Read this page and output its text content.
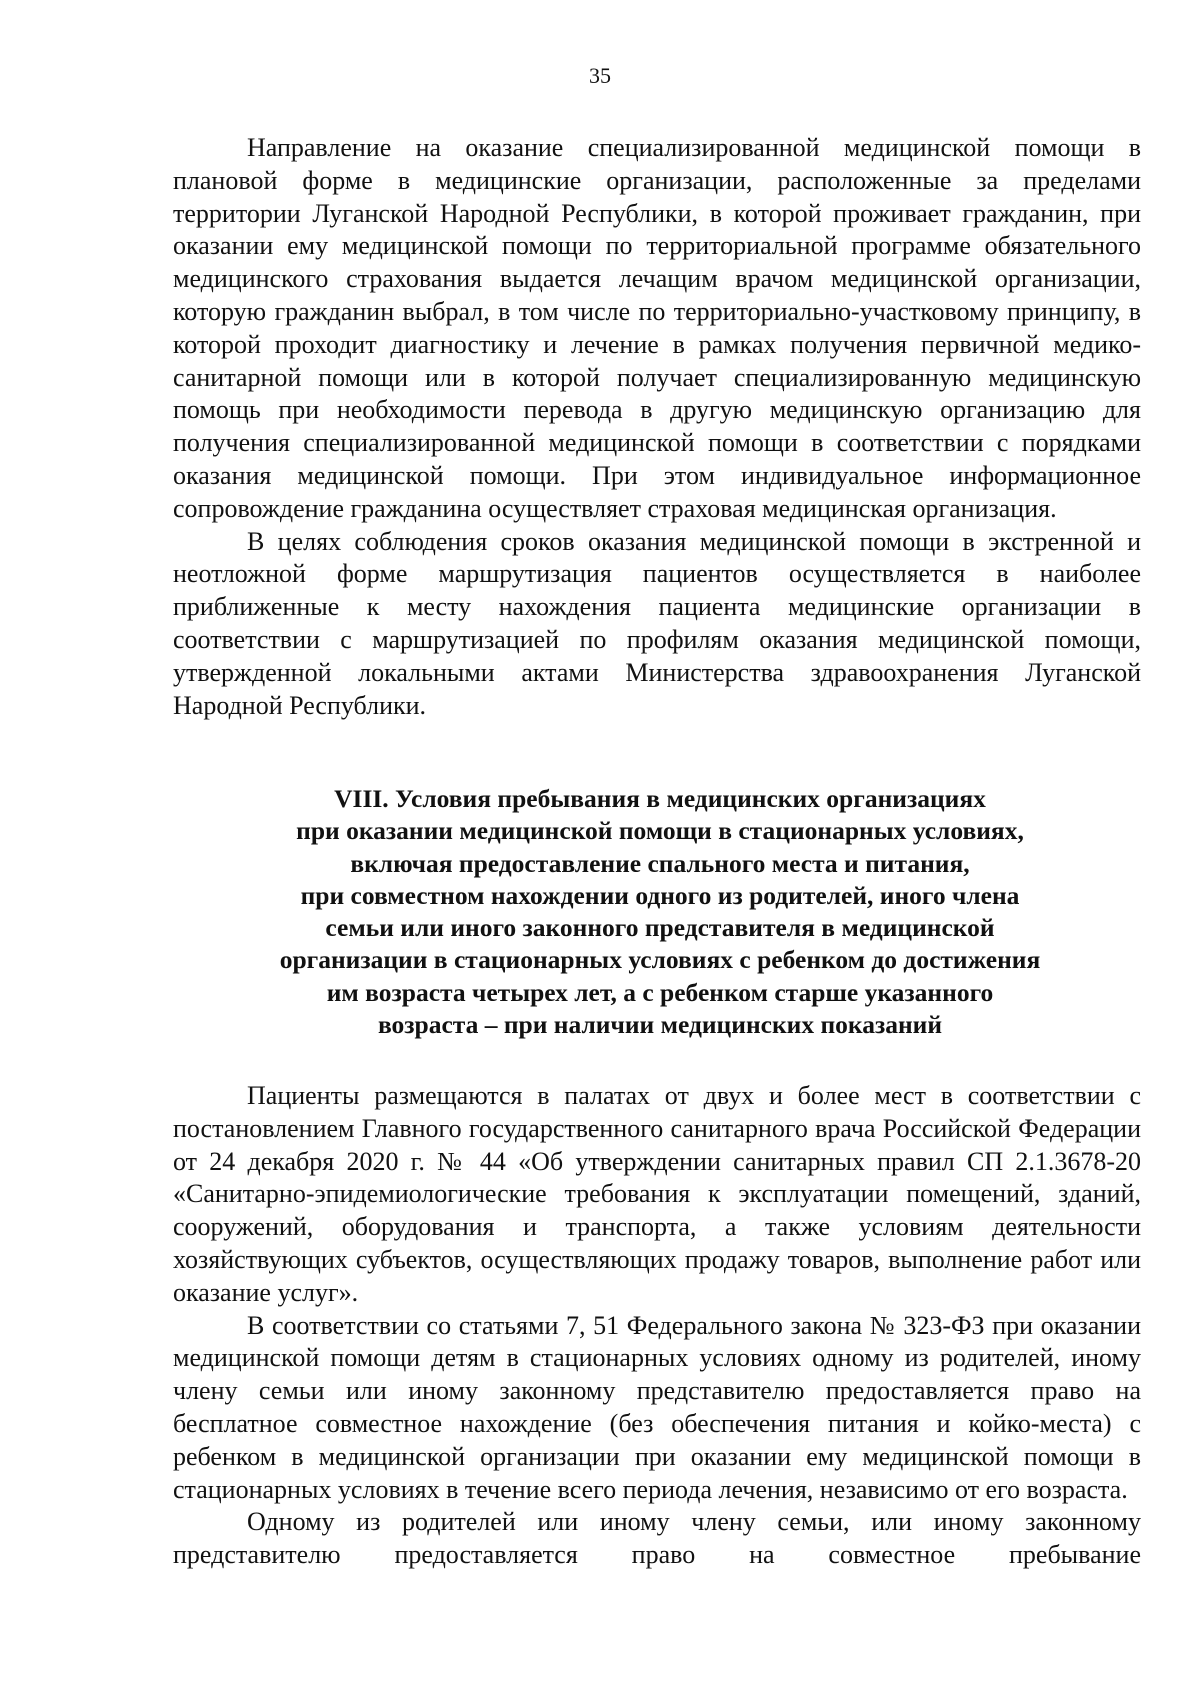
35

Направление на оказание специализированной медицинской помощи в плановой форме в медицинские организации, расположенные за пределами территории Луганской Народной Республики, в которой проживает гражданин, при оказании ему медицинской помощи по территориальной программе обязательного медицинского страхования выдается лечащим врачом медицинской организации, которую гражданин выбрал, в том числе по территориально-участковому принципу, в которой проходит диагностику и лечение в рамках получения первичной медико-санитарной помощи или в которой получает специализированную медицинскую помощь при необходимости перевода в другую медицинскую организацию для получения специализированной медицинской помощи в соответствии с порядками оказания медицинской помощи. При этом индивидуальное информационное сопровождение гражданина осуществляет страховая медицинская организация.

В целях соблюдения сроков оказания медицинской помощи в экстренной и неотложной форме маршрутизация пациентов осуществляется в наиболее приближенные к месту нахождения пациента медицинские организации в соответствии с маршрутизацией по профилям оказания медицинской помощи, утвержденной локальными актами Министерства здравоохранения Луганской Народной Республики.

VIII. Условия пребывания в медицинских организациях
при оказании медицинской помощи в стационарных условиях,
включая предоставление спального места и питания,
при совместном нахождении одного из родителей, иного члена
семьи или иного законного представителя в медицинской
организации в стационарных условиях с ребенком до достижения
им возраста четырех лет, а с ребенком старше указанного
возраста – при наличии медицинских показаний

Пациенты размещаются в палатах от двух и более мест в соответствии с постановлением Главного государственного санитарного врача Российской Федерации от 24 декабря 2020 г. № 44 «Об утверждении санитарных правил СП 2.1.3678-20 «Санитарно-эпидемиологические требования к эксплуатации помещений, зданий, сооружений, оборудования и транспорта, а также условиям деятельности хозяйствующих субъектов, осуществляющих продажу товаров, выполнение работ или оказание услуг».

В соответствии со статьями 7, 51 Федерального закона № 323-ФЗ при оказании медицинской помощи детям в стационарных условиях одному из родителей, иному члену семьи или иному законному представителю предоставляется право на бесплатное совместное нахождение (без обеспечения питания и койко-места) с ребенком в медицинской организации при оказании ему медицинской помощи в стационарных условиях в течение всего периода лечения, независимо от его возраста.

Одному из родителей или иному члену семьи, или иному законному представителю предоставляется право на совместное пребывание
